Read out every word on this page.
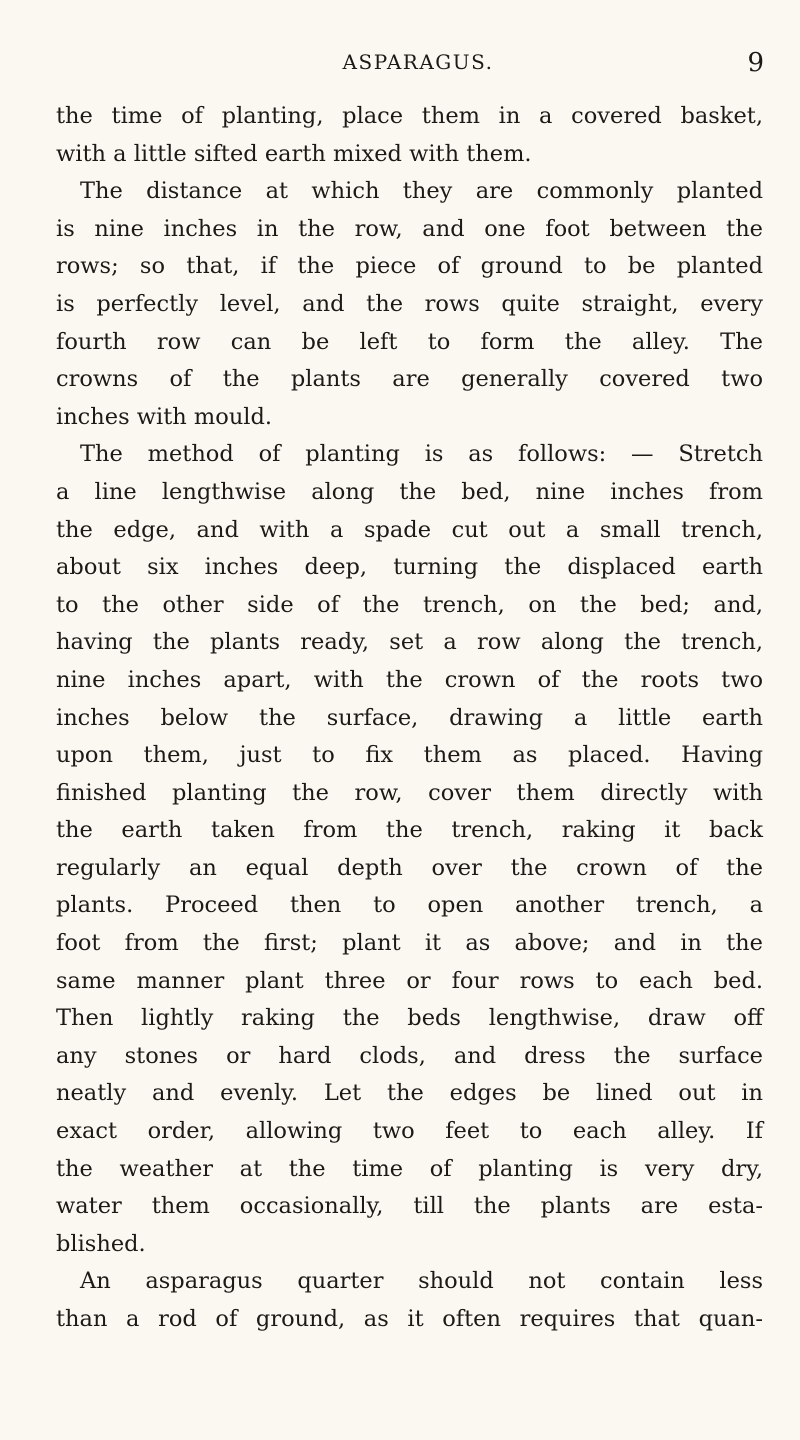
ASPARAGUS.	9
the time of planting, place them in a covered basket,
with a little sifted earth mixed with them.
The distance at which they are commonly planted
is nine inches in the row, and one foot between the
rows; so that, if the piece of ground to be planted
is perfectly level, and the rows quite straight, every
fourth row can be left to form the alley. The
crowns of the plants are generally covered two
inches with mould.
The method of planting is as follows: — Stretch
a line lengthwise along the bed, nine inches from
the edge, and with a spade cut out a small trench,
about six inches deep, turning the displaced earth
to the other side of the trench, on the bed; and,
having the plants ready, set a row along the trench,
nine inches apart, with the crown of the roots two
inches below the surface, drawing a little earth
upon them, just to fix them as placed. Having
finished planting the row, cover them directly with
the earth taken from the trench, raking it back
regularly an equal depth over the crown of the
plants. Proceed then to open another trench, a
foot from the first; plant it as above; and in the
same manner plant three or four rows to each bed.
Then lightly raking the beds lengthwise, draw off
any stones or hard clods, and dress the surface
neatly and evenly. Let the edges be lined out in
exact order, allowing two feet to each alley. If
the weather at the time of planting is very dry,
water them occasionally, till the plants are esta-
blished.
An asparagus quarter should not contain less
than a rod of ground, as it often requires that quan-
